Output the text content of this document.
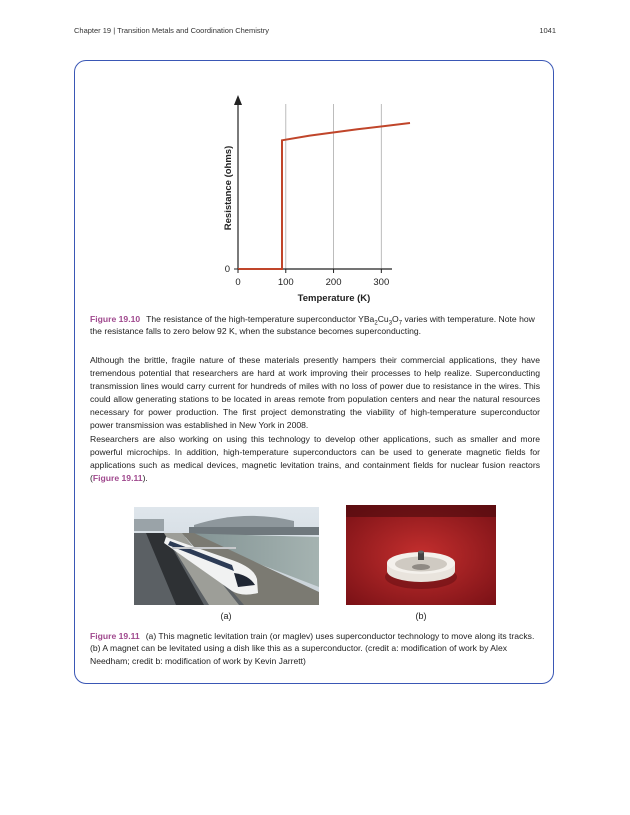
Chapter 19 | Transition Metals and Coordination Chemistry	1041
0	100	200	300
0
Temperature (K)
Resistance (ohms)
Figure 19.10 The resistance of the high-temperature superconductor $YBa_2Cu_3O_7$ varies with temperature. Note how the resistance falls to zero below 92 K, when the substance becomes superconducting.

Although the brittle, fragile nature of these materials presently hampers their commercial applications, they have tremendous potential that researchers are hard at work improving their processes to help realize. Superconducting transmission lines would carry current for hundreds of miles with no loss of power due to resistance in the wires. This could allow generating stations to be located in areas remote from population centers and near the natural resources necessary for power production. The first project demonstrating the viability of high-temperature superconductor power transmission was established in New York in 2008.

Researchers are also working on using this technology to develop other applications, such as smaller and more powerful microchips. In addition, high-temperature superconductors can be used to generate magnetic fields for applications such as medical devices, magnetic levitation trains, and containment fields for nuclear fusion reactors (Figure 19.11).

(a)	(b)
Figure 19.11 (a) This magnetic levitation train (or maglev) uses superconductor technology to move along its tracks. (b) A magnet can be levitated using a dish like this as a superconductor. (credit a: modification of work by Alex Needham; credit b: modification of work by Kevin Jarrett)
